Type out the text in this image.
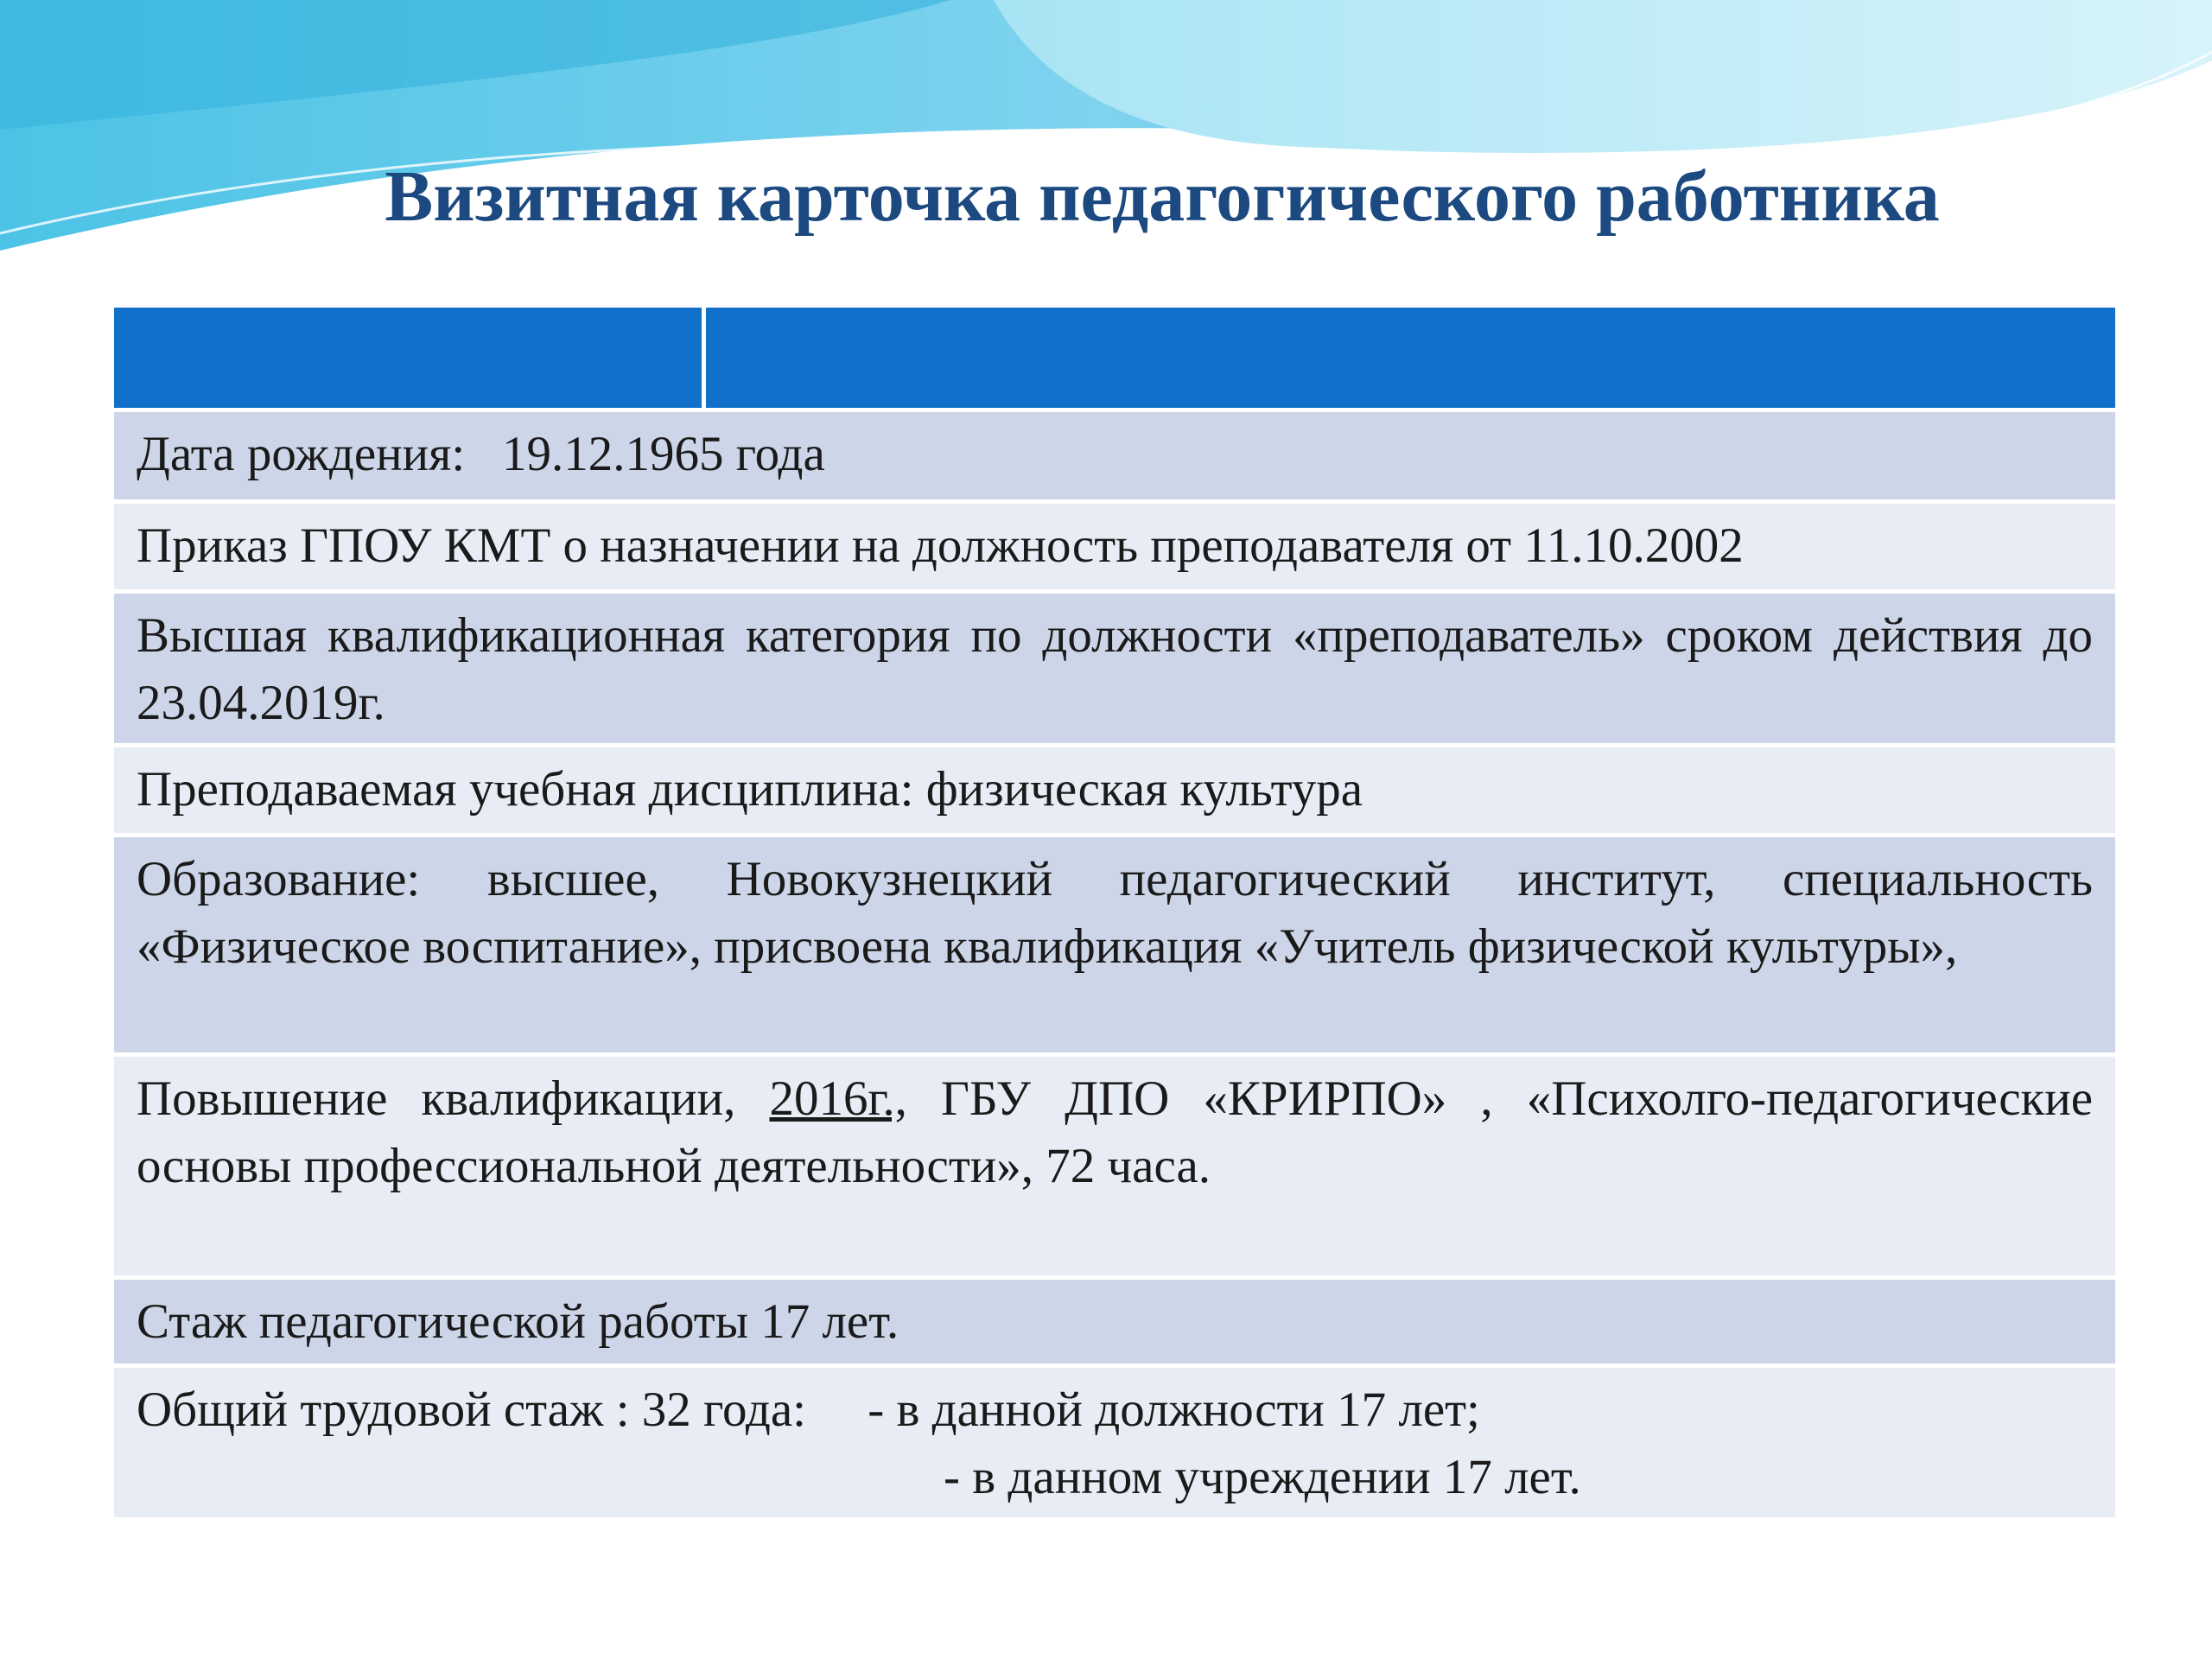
Визитная карточка педагогического работника
Дата рождения: 19.12.1965 года
Приказ ГПОУ КМТ о назначении на должность преподавателя от 11.10.2002
Высшая квалификационная категория по должности «преподаватель» сроком действия до 23.04.2019г.
Преподаваемая учебная дисциплина: физическая культура
Образование: высшее, Новокузнецкий педагогический институт, специальность «Физическое воспитание», присвоена квалификация «Учитель физической культуры»,
Повышение квалификации, 2016г., ГБУ ДПО «КРИРПО» , «Психолго-педагогические основы профессиональной деятельности», 72 часа.
Стаж педагогической работы 17 лет.
Общий трудовой стаж : 32 года: - в данной должности 17 лет;
- в данном учреждении 17 лет.
